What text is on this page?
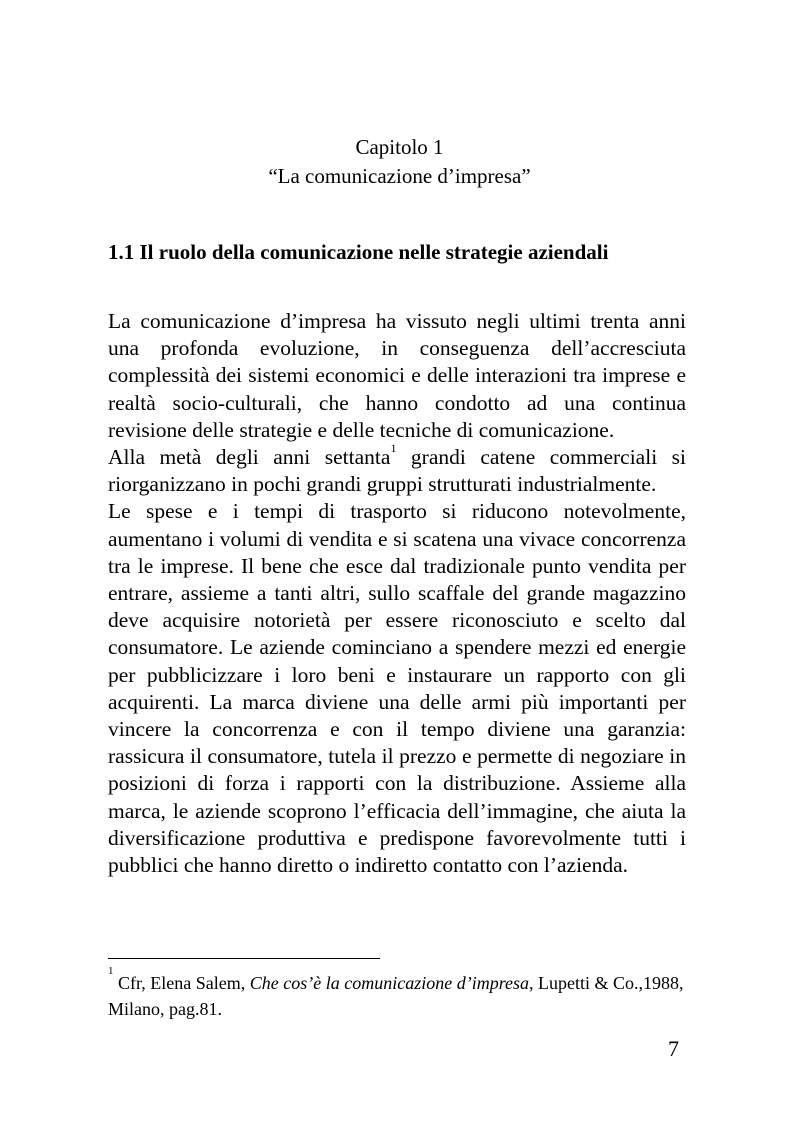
Capitolo 1
“La comunicazione d’impresa”
1.1 Il ruolo della comunicazione nelle strategie aziendali

La comunicazione d’impresa ha vissuto negli ultimi trenta anni una profonda evoluzione, in conseguenza dell’accresciuta complessità dei sistemi economici e delle interazioni tra imprese e realtà socio-culturali, che hanno condotto ad una continua revisione delle strategie e delle tecniche di comunicazione.

Alla metà degli anni settanta$^1$ grandi catene commerciali si riorganizzano in pochi grandi gruppi strutturati industrialmente.

Le spese e i tempi di trasporto si riducono notevolmente, aumentano i volumi di vendita e si scatena una vivace concorrenza tra le imprese. Il bene che esce dal tradizionale punto vendita per entrare, assieme a tanti altri, sullo scaffale del grande magazzino deve acquisire notorietà per essere riconosciuto e scelto dal consumatore. Le aziende cominciano a spendere mezzi ed energie per pubblicizzare i loro beni e instaurare un rapporto con gli acquirenti. La marca diviene una delle armi più importanti per vincere la concorrenza e con il tempo diviene una garanzia: rassicura il consumatore, tutela il prezzo e permette di negoziare in posizioni di forza i rapporti con la distribuzione. Assieme alla marca, le aziende scoprono l’efficacia dell’immagine, che aiuta la diversificazione produttiva e predispone favorevolmente tutti i pubblici che hanno diretto o indiretto contatto con l’azienda.

$^1$ Cfr, Elena Salem, Che cos’è la comunicazione d’impresa, Lupetti & Co.,1988, Milano, pag.81.
7
